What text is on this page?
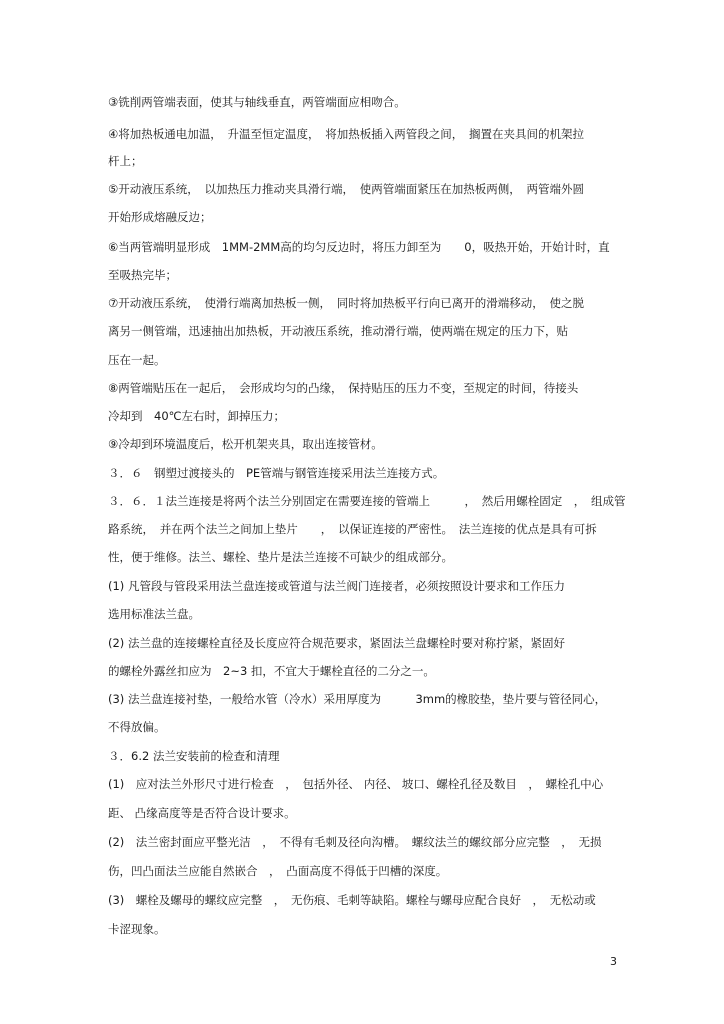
③铣削两管端表面，使其与轴线垂直，两管端面应相吻合。
④将加热板通电加温，　升温至恒定温度，　将加热板插入两管段之间，　搁置在夹具间的机架拉
杆上；
⑤开动液压系统，　以加热压力推动夹具滑行端，　使两管端面紧压在加热板两侧，　两管端外圆
开始形成熔融反边；
⑥当两管端明显形成　1MM-2MM高的均匀反边时，将压力卸至为　　0，吸热开始，开始计时，直
至吸热完毕；
⑦开动液压系统，　使滑行端离加热板一侧，　同时将加热板平行向已离开的滑端移动，　使之脱
离另一侧管端，迅速抽出加热板，开动液压系统，推动滑行端，使两端在规定的压力下，贴
压在一起。
⑧两管端贴压在一起后，　会形成均匀的凸缘，　保持贴压的压力不变，至规定的时间，待接头
冷却到　40℃左右时，卸掉压力；
⑨冷却到环境温度后，松开机架夹具，取出连接管材。
３．６　钢塑过渡接头的　PE管端与钢管连接采用法兰连接方式。
３．６．１法兰连接是将两个法兰分别固定在需要连接的管端上　　　，　然后用螺栓固定　，　组成管
路系统，　并在两个法兰之间加上垫片　　，　以保证连接的严密性。　法兰连接的优点是具有可拆
性，便于维修。法兰、螺栓、垫片是法兰连接不可缺少的组成部分。
(1) 凡管段与管段采用法兰盘连接或管道与法兰阀门连接者，必须按照设计要求和工作压力
选用标准法兰盘。
(2) 法兰盘的连接螺栓直径及长度应符合规范要求，紧固法兰盘螺栓时要对称拧紧，紧固好
的螺栓外露丝扣应为　2~3 扣，不宜大于螺栓直径的二分之一。
(3) 法兰盘连接衬垫，一般给水管（冷水）采用厚度为　　　3mm的橡胶垫，垫片要与管径同心，
不得放偏。
３．6.2 法兰安装前的检查和清理
(1)　应对法兰外形尺寸进行检查　，　包括外径、 内径、 坡口、螺栓孔径及数目　，　螺栓孔中心
距、 凸缘高度等是否符合设计要求。
(2)　法兰密封面应平整光洁　，　不得有毛刺及径向沟槽。　螺纹法兰的螺纹部分应完整　，　无损
伤，凹凸面法兰应能自然嵌合　，　凸面高度不得低于凹槽的深度。
(3)　螺栓及螺母的螺纹应完整　，　无伤痕、毛刺等缺陷。螺栓与螺母应配合良好　，　无松动或
卡涩现象。
3
